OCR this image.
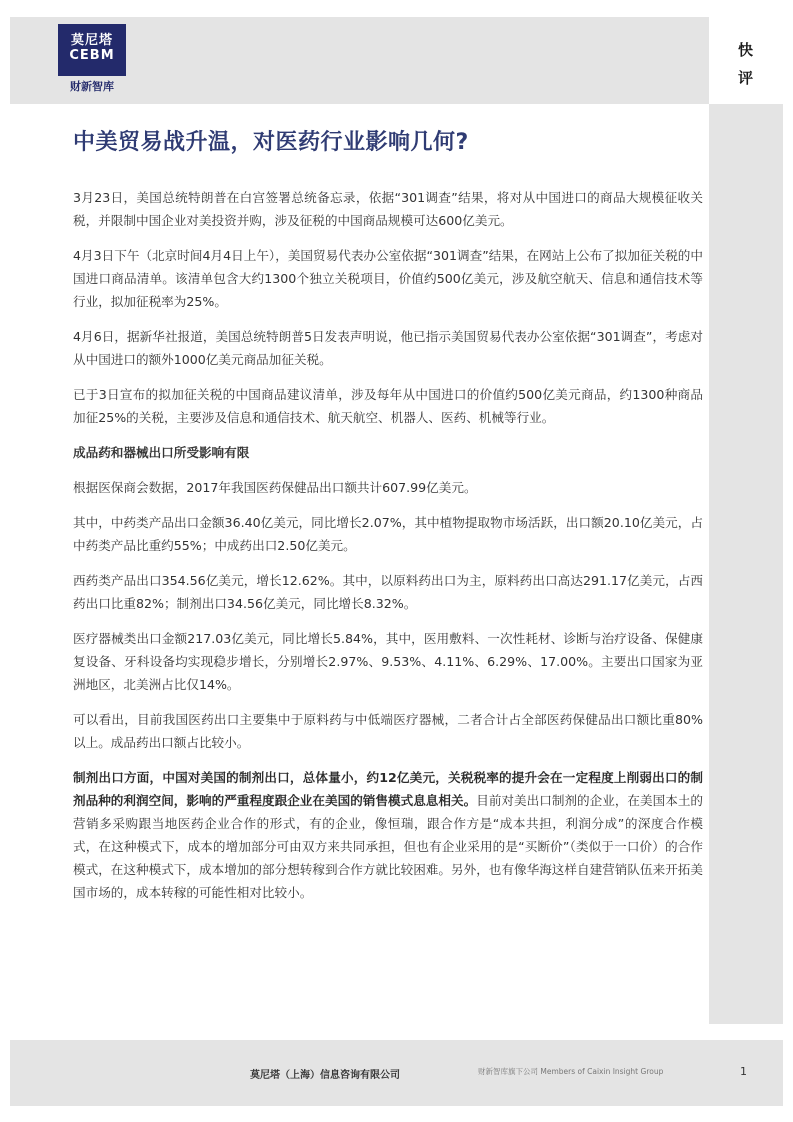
莫尼塔
CEBM
财新智库
快
评
中美贸易战升温，对医药行业影响几何?

3月23日，美国总统特朗普在白宫签署总统备忘录，依据“301调查”结果，将对从中国进口的商品大规模征收关税，并限制中国企业对美投资并购，涉及征税的中国商品规模可达600亿美元。

4月3日下午（北京时间4月4日上午），美国贸易代表办公室依据“301调查”结果，在网站上公布了拟加征关税的中国进口商品清单。该清单包含大约1300个独立关税项目，价值约500亿美元，涉及航空航天、信息和通信技术等行业，拟加征税率为25%。

4月6日，据新华社报道，美国总统特朗普5日发表声明说，他已指示美国贸易代表办公室依据“301调查”，考虑对从中国进口的额外1000亿美元商品加征关税。

已于3日宣布的拟加征关税的中国商品建议清单，涉及每年从中国进口的价值约500亿美元商品，约1300种商品加征25%的关税，主要涉及信息和通信技术、航天航空、机器人、医药、机械等行业。

成品药和器械出口所受影响有限

根据医保商会数据，2017年我国医药保健品出口额共计607.99亿美元。

其中，中药类产品出口金额36.40亿美元，同比增长2.07%，其中植物提取物市场活跃，出口额20.10亿美元，占中药类产品比重约55%；中成药出口2.50亿美元。

西药类产品出口354.56亿美元，增长12.62%。其中，以原料药出口为主，原料药出口高达291.17亿美元，占西药出口比重82%；制剂出口34.56亿美元，同比增长8.32%。

医疗器械类出口金额217.03亿美元，同比增长5.84%，其中，医用敷料、一次性耗材、诊断与治疗设备、保健康复设备、牙科设备均实现稳步增长，分别增长2.97%、9.53%、4.11%、6.29%、17.00%。主要出口国家为亚洲地区，北美洲占比仅14%。

可以看出，目前我国医药出口主要集中于原料药与中低端医疗器械，二者合计占全部医药保健品出口额比重80%以上。成品药出口额占比较小。

制剂出口方面，中国对美国的制剂出口，总体量小，约12亿美元，关税税率的提升会在一定程度上削弱出口的制剂品种的利润空间，影响的严重程度跟企业在美国的销售模式息息相关。目前对美出口制剂的企业，在美国本土的营销多采购跟当地医药企业合作的形式，有的企业，像恒瑞，跟合作方是“成本共担，利润分成”的深度合作模式，在这种模式下，成本的增加部分可由双方来共同承担，但也有企业采用的是“买断价”（类似于一口价）的合作模式，在这种模式下，成本增加的部分想转稼到合作方就比较困难。另外，也有像华海这样自建营销队伍来开拓美国市场的，成本转稼的可能性相对比较小。

莫尼塔（上海）信息咨询有限公司	财新智库旗下公司 Members of Caixin Insight Group	1
